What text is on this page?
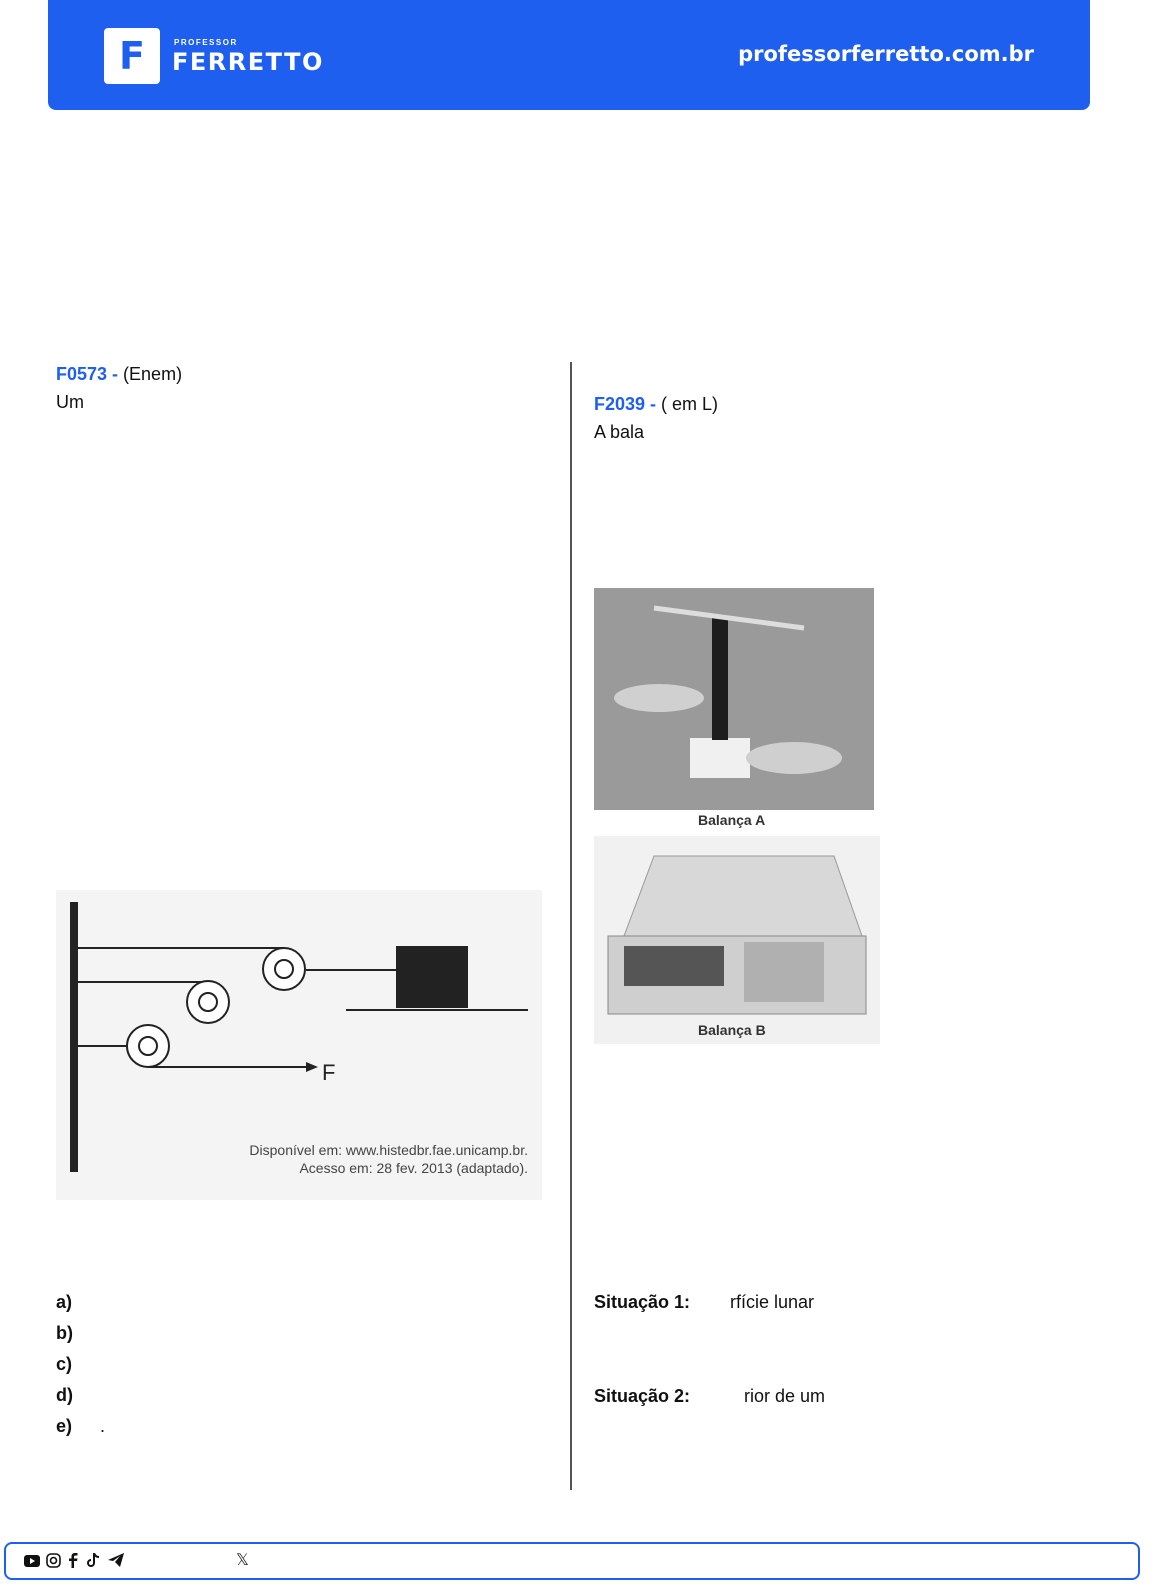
F	PROFESSOR
FERRETTO	professorferretto.com.br
F0573 - (Enem)
Um
F
Disponível em: www.histedbr.fae.unicamp.br.
Acesso em: 28 fev. 2013 (adaptado).
a)
b)
c)
d)
e) .
F2039 - ( em L)
A bala
Balança A
Balança B
Situação 1: rfície lunar
Situação 2:	rior de um
𝕏
